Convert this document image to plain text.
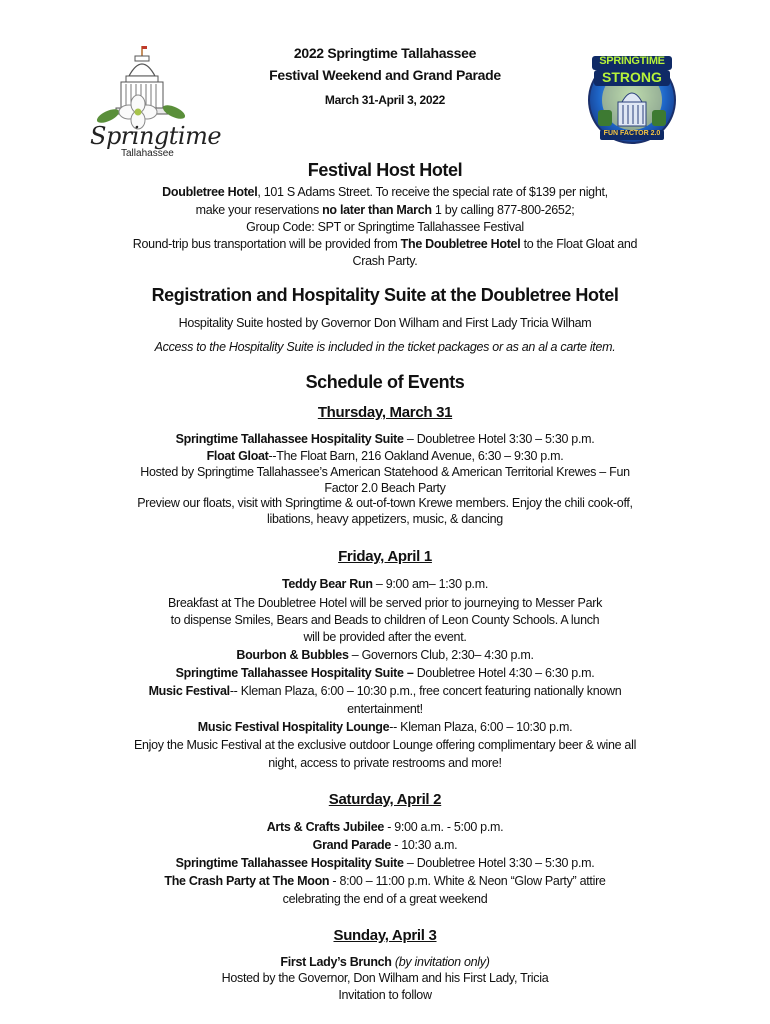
Springtime
Tallahassee
SPRINGTIME
STRONG
FUN FACTOR 2.0
2022 Springtime Tallahassee
Festival Weekend and Grand Parade
March 31-April 3, 2022
Festival Host Hotel
Doubletree Hotel, 101 S Adams Street. To receive the special rate of $139 per night,
make your reservations no later than March 1 by calling 877-800-2652;
Group Code: SPT or Springtime Tallahassee Festival
Round-trip bus transportation will be provided from The Doubletree Hotel to the Float Gloat and
Crash Party.
Registration and Hospitality Suite at the Doubletree Hotel
Hospitality Suite hosted by Governor Don Wilham and First Lady Tricia Wilham
Access to the Hospitality Suite is included in the ticket packages or as an al a carte item.
Schedule of Events
Thursday, March 31
Springtime Tallahassee Hospitality Suite – Doubletree Hotel 3:30 – 5:30 p.m.
Float Gloat--The Float Barn, 216 Oakland Avenue, 6:30 – 9:30 p.m.
Hosted by Springtime Tallahassee’s American Statehood & American Territorial Krewes – Fun
Factor 2.0 Beach Party
Preview our floats, visit with Springtime & out-of-town Krewe members. Enjoy the chili cook-off,
libations, heavy appetizers, music, & dancing
Friday, April 1
Teddy Bear Run – 9:00 am– 1:30 p.m.
Breakfast at The Doubletree Hotel will be served prior to journeying to Messer Park
to dispense Smiles, Bears and Beads to children of Leon County Schools. A lunch
will be provided after the event.
Bourbon & Bubbles – Governors Club, 2:30– 4:30 p.m.
Springtime Tallahassee Hospitality Suite – Doubletree Hotel 4:30 – 6:30 p.m.
Music Festival-- Kleman Plaza, 6:00 – 10:30 p.m., free concert featuring nationally known
entertainment!
Music Festival Hospitality Lounge-- Kleman Plaza, 6:00 – 10:30 p.m.
Enjoy the Music Festival at the exclusive outdoor Lounge offering complimentary beer & wine all
night, access to private restrooms and more!
Saturday, April 2
Arts & Crafts Jubilee - 9:00 a.m. - 5:00 p.m.
Grand Parade - 10:30 a.m.
Springtime Tallahassee Hospitality Suite – Doubletree Hotel 3:30 – 5:30 p.m.
The Crash Party at The Moon - 8:00 – 11:00 p.m. White & Neon “Glow Party” attire
celebrating the end of a great weekend
Sunday, April 3
First Lady’s Brunch (by invitation only)
Hosted by the Governor, Don Wilham and his First Lady, Tricia
Invitation to follow
